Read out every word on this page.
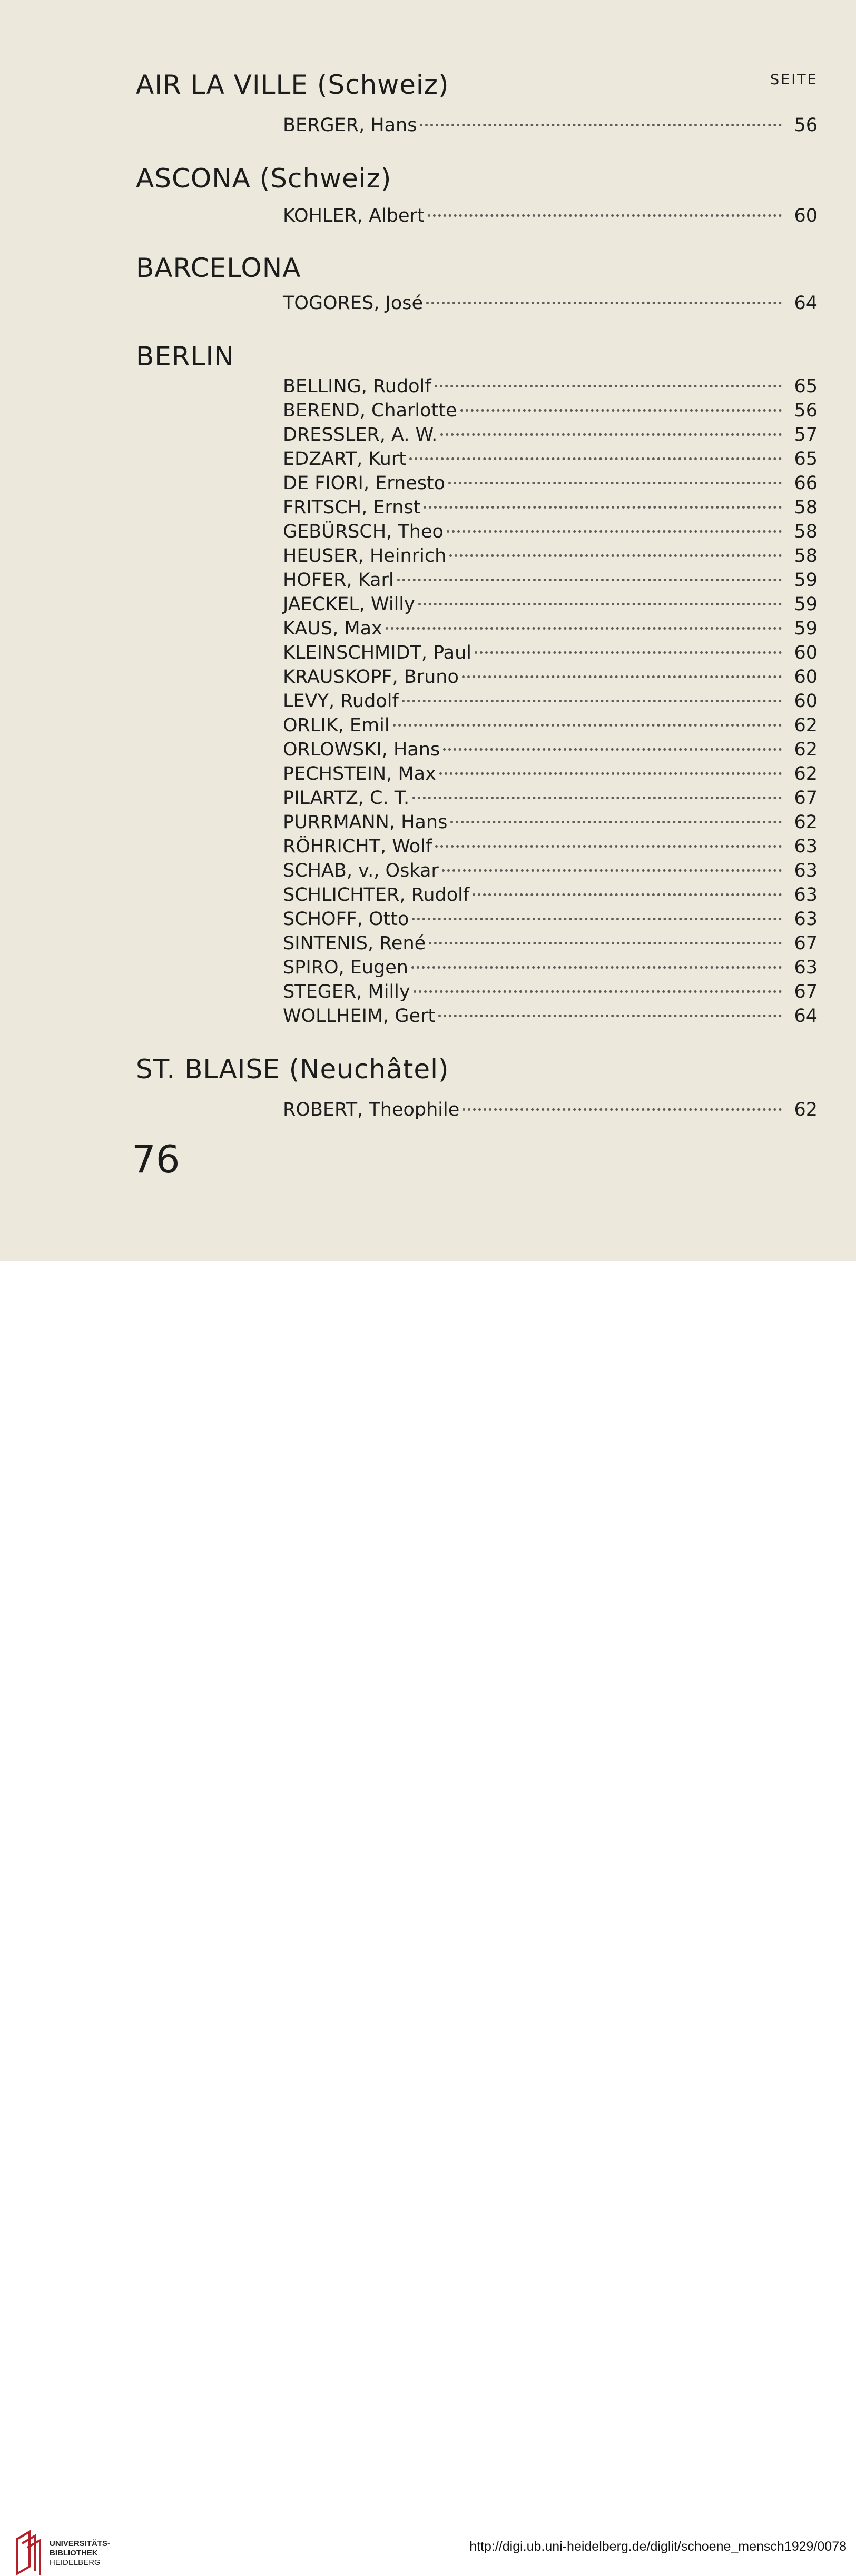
SEITE
AIR LA VILLE (Schweiz)
BERGER, Hans	56
ASCONA (Schweiz)
KOHLER, Albert	60
BARCELONA
TOGORES, José	64
BERLIN
BELLING, Rudolf	65
BEREND, Charlotte	56
DRESSLER, A. W.	57
EDZART, Kurt	65
DE FIORI, Ernesto	66
FRITSCH, Ernst	58
GEBÜRSCH, Theo	58
HEUSER, Heinrich	58
HOFER, Karl	59
JAECKEL, Willy	59
KAUS, Max	59
KLEINSCHMIDT, Paul	60
KRAUSKOPF, Bruno	60
LEVY, Rudolf	60
ORLIK, Emil	62
ORLOWSKI, Hans	62
PECHSTEIN, Max	62
PILARTZ, C. T.	67
PURRMANN, Hans	62
RÖHRICHT, Wolf	63
SCHAB, v., Oskar	63
SCHLICHTER, Rudolf	63
SCHOFF, Otto	63
SINTENIS, René	67
SPIRO, Eugen	63
STEGER, Milly	67
WOLLHEIM, Gert	64
ST. BLAISE (Neuchâtel)
ROBERT, Theophile	62
76
UNIVERSITÄTS-
BIBLIOTHEK
HEIDELBERG
http://digi.ub.uni-heidelberg.de/diglit/schoene_mensch1929/0078
